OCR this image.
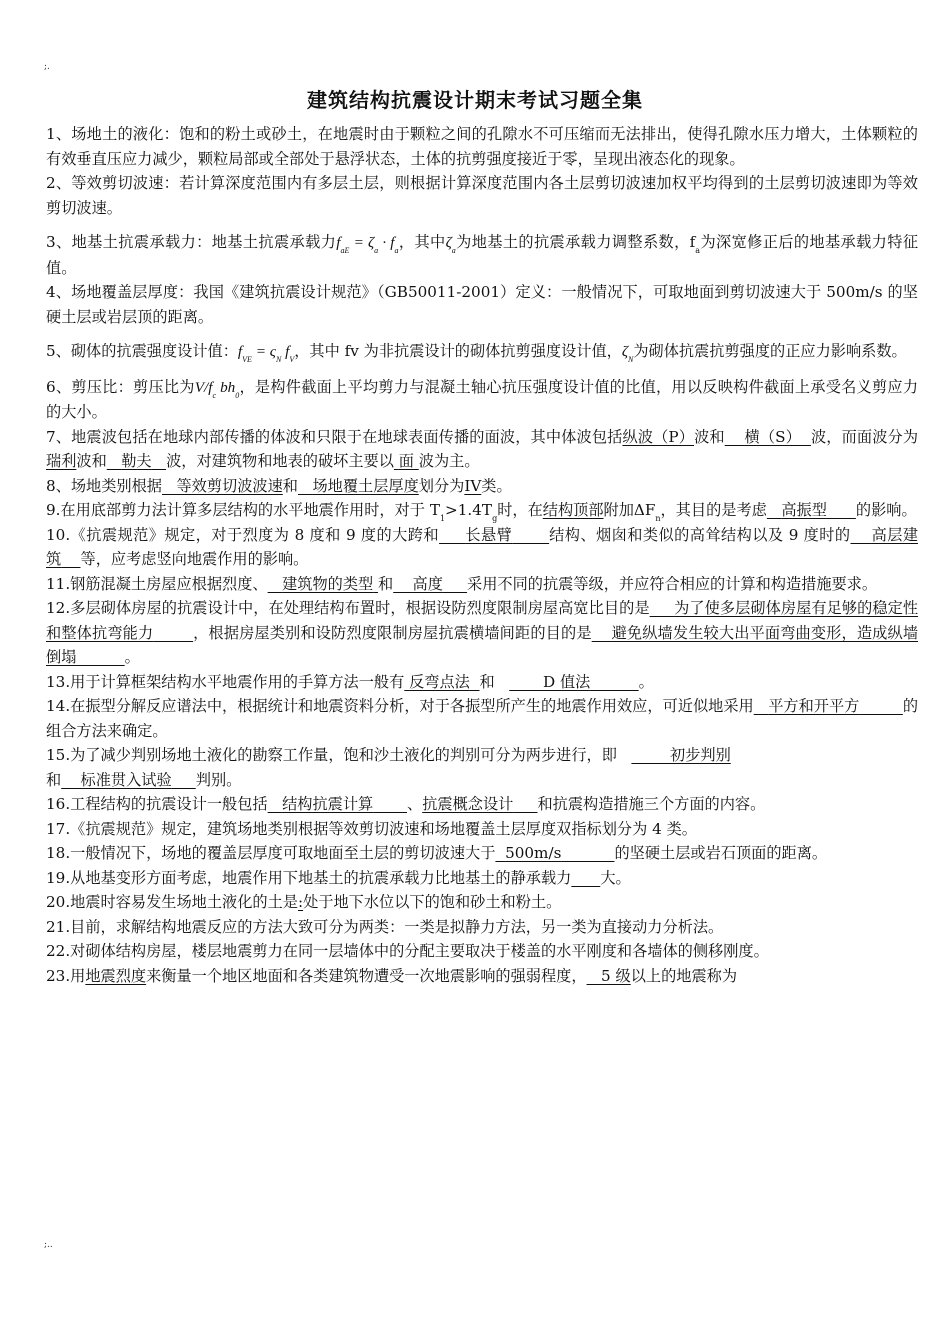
;.
建筑结构抗震设计期末考试习题全集

1、场地土的液化：饱和的粉土或砂土，在地震时由于颗粒之间的孔隙水不可压缩而无法排出，使得孔隙水压力增大，土体颗粒的有效垂直压应力减少，颗粒局部或全部处于悬浮状态，土体的抗剪强度接近于零，呈现出液态化的现象。

2、等效剪切波速：若计算深度范围内有多层土层，则根据计算深度范围内各土层剪切波速加权平均得到的土层剪切波速即为等效剪切波速。

3、地基土抗震承载力：地基土抗震承载力$f_{aE} = \zeta_a \cdot f_a$，其中$\zeta_a$为地基土的抗震承载力调整系数，$f_a$为深宽修正后的地基承载力特征值。

4、场地覆盖层厚度：我国《建筑抗震设计规范》（GB50011-2001）定义：一般情况下，可取地面到剪切波速大于 500m/s 的坚硬土层或岩层顶的距离。

5、砌体的抗震强度设计值：$f_{VE} = \varsigma_N$ $f_V$，其中 fv 为非抗震设计的砌体抗剪强度设计值，$\zeta_N$为砌体抗震抗剪强度的正应力影响系数。

6、剪压比：剪压比为$V/f_c$ $bh_0$，是构件截面上平均剪力与混凝土轴心抗压强度设计值的比值，用以反映构件截面上承受名义剪应力的大小。

7、地震波包括在地球内部传播的体波和只限于在地球表面传播的面波，其中体波包括纵波（P）波和 横（S） 波，而面波分为瑞利波和 勒夫 波，对建筑物和地表的破坏主要以 面 波为主。

8、场地类别根据 等效剪切波波速和 场地覆土层厚度划分为IV类。

9.在用底部剪力法计算多层结构的水平地震作用时，对于 $T_1>1.4T_g$时，在结构顶部附加$\Delta F_n$，其目的是考虑 高振型 的影响。

10.《抗震规范》规定，对于烈度为 8 度和 9 度的大跨和 长悬臂 结构、烟囱和类似的高耸结构以及 9 度时的 高层建筑 等，应考虑竖向地震作用的影响。

11.钢筋混凝土房屋应根据烈度、 建筑物的类型 和 高度 采用不同的抗震等级，并应符合相应的计算和构造措施要求。

12.多层砌体房屋的抗震设计中，在处理结构布置时，根据设防烈度限制房屋高宽比目的是 为了使多层砌体房屋有足够的稳定性和整体抗弯能力	，根据房屋类别和设防烈度限制房屋抗震横墙间距的目的是 避免纵墙发生较大出平面弯曲变形，造成纵墙倒塌	。

13.用于计算框架结构水平地震作用的手算方法一般有 反弯点法 和	D 值法	。

14.在振型分解反应谱法中，根据统计和地震资料分析，对于各振型所产生的地震作用效应，可近似地采用 平方和开平方	的组合方法来确定。

15.为了减少判别场地土液化的勘察工作量，饱和沙土液化的判别可分为两步进行，即	初步判别
和 标准贯入试验 判别。

16.工程结构的抗震设计一般包括 结构抗震计算 、抗震概念设计 和抗震构造措施三个方面的内容。

17.《抗震规范》规定，建筑场地类别根据等效剪切波速和场地覆盖土层厚度双指标划分为 4 类。

18.一般情况下，场地的覆盖层厚度可取地面至土层的剪切波速大于 500m/s	的坚硬土层或岩石顶面的距离。

19.从地基变形方面考虑，地震作用下地基土的抗震承载力比地基土的静承载力 大。

20.地震时容易发生场地土液化的土是:处于地下水位以下的饱和砂土和粉土。

21.目前，求解结构地震反应的方法大致可分为两类：一类是拟静力方法，另一类为直接动力分析法。

22.对砌体结构房屋，楼层地震剪力在同一层墙体中的分配主要取决于楼盖的水平刚度和各墙体的侧移刚度。

23.用地震烈度来衡量一个地区地面和各类建筑物遭受一次地震影响的强弱程度， 5 级以上的地震称为

;..
